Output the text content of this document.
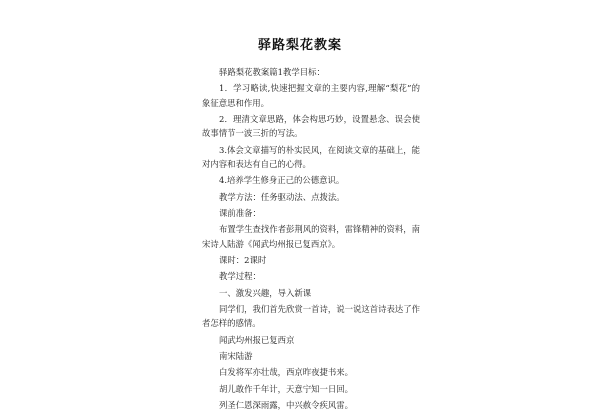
驿路梨花教案

驿路梨花教案篇1教学目标：

1．学习略读,快速把握文章的主要内容,理解“梨花”的象征意思和作用。

2．理清文章思路，体会构思巧妙，设置悬念、误会使故事情节一波三折的写法。

3.体会文章描写的朴实民风，在阅读文章的基础上，能对内容和表达有自己的心得。

4.培养学生修身正己的公德意识。

教学方法：任务驱动法、点拨法。

课前准备：

布置学生查找作者彭荆风的资料，雷锋精神的资料，南宋诗人陆游《闻武均州报已复西京》。

课时：2课时

教学过程：

一、激发兴趣，导入新课

同学们，我们首先欣赏一首诗，说一说这首诗表达了作者怎样的感情。

闻武均州报已复西京

南宋陆游

白发将军亦壮哉，西京昨夜捷书来。

胡儿敢作千年计，天意宁知一日回。

列圣仁恩深雨露，中兴赦令疾风雷。
